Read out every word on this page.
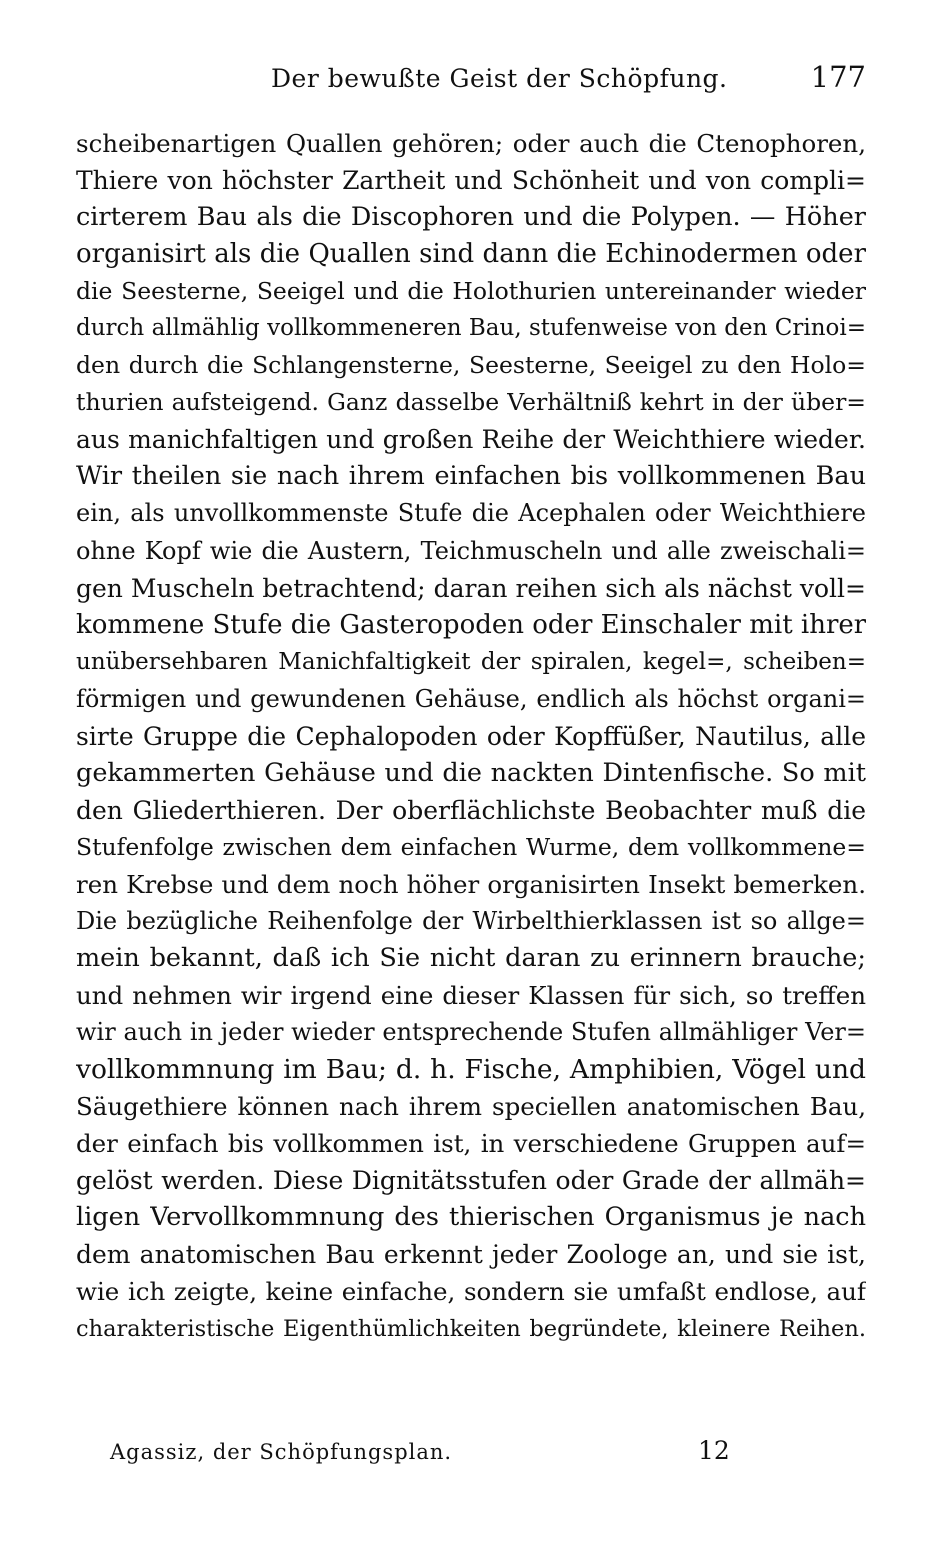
Der bewußte Geist der Schöpfung.	177
scheibenartigen Quallen gehören; oder auch die Ctenophoren,
Thiere von höchster Zartheit und Schönheit und von compli=
cirterem Bau als die Discophoren und die Polypen. — Höher
organisirt als die Quallen sind dann die Echinodermen oder
die Seesterne, Seeigel und die Holothurien untereinander wieder
durch allmählig vollkommeneren Bau, stufenweise von den Crinoi=
den durch die Schlangensterne, Seesterne, Seeigel zu den Holo=
thurien aufsteigend. Ganz dasselbe Verhältniß kehrt in der über=
aus manichfaltigen und großen Reihe der Weichthiere wieder.
Wir theilen sie nach ihrem einfachen bis vollkommenen Bau
ein, als unvollkommenste Stufe die Acephalen oder Weichthiere
ohne Kopf wie die Austern, Teichmuscheln und alle zweischali=
gen Muscheln betrachtend; daran reihen sich als nächst voll=
kommene Stufe die Gasteropoden oder Einschaler mit ihrer
unübersehbaren Manichfaltigkeit der spiralen, kegel=, scheiben=
förmigen und gewundenen Gehäuse, endlich als höchst organi=
sirte Gruppe die Cephalopoden oder Kopffüßer, Nautilus, alle
gekammerten Gehäuse und die nackten Dintenfische. So mit
den Gliederthieren. Der oberflächlichste Beobachter muß die
Stufenfolge zwischen dem einfachen Wurme, dem vollkommene=
ren Krebse und dem noch höher organisirten Insekt bemerken.
Die bezügliche Reihenfolge der Wirbelthierklassen ist so allge=
mein bekannt, daß ich Sie nicht daran zu erinnern brauche;
und nehmen wir irgend eine dieser Klassen für sich, so treffen
wir auch in jeder wieder entsprechende Stufen allmähliger Ver=
vollkommnung im Bau; d. h. Fische, Amphibien, Vögel und
Säugethiere können nach ihrem speciellen anatomischen Bau,
der einfach bis vollkommen ist, in verschiedene Gruppen auf=
gelöst werden. Diese Dignitätsstufen oder Grade der allmäh=
ligen Vervollkommnung des thierischen Organismus je nach
dem anatomischen Bau erkennt jeder Zoologe an, und sie ist,
wie ich zeigte, keine einfache, sondern sie umfaßt endlose, auf
charakteristische Eigenthümlichkeiten begründete, kleinere Reihen.
Agassiz, der Schöpfungsplan.	12
